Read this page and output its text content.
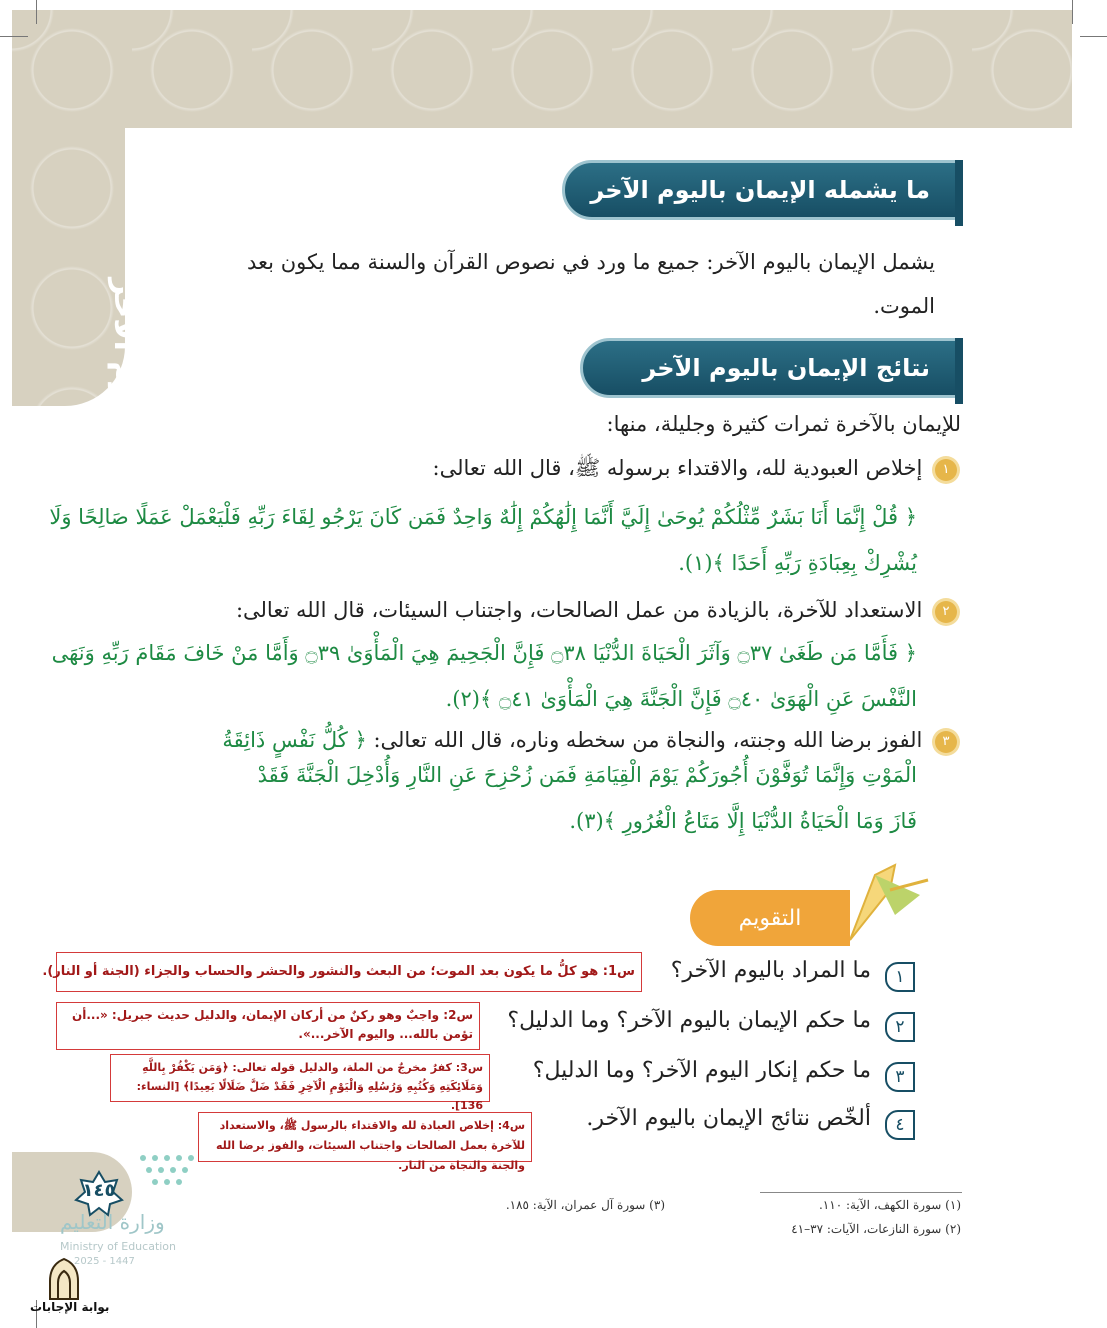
اليوم الآخر
ما يشمله الإيمان باليوم الآخر
يشمل الإيمان باليوم الآخر: جميع ما ورد في نصوص القرآن والسنة مما يكون بعد
الموت.
نتائج الإيمان باليوم الآخر
للإيمان بالآخرة ثمرات كثيرة وجليلة، منها:
١ إخلاص العبودية لله، والاقتداء برسوله ﷺ، قال الله تعالى:
﴿ قُلْ إِنَّمَا أَنَا بَشَرٌ مِّثْلُكُمْ يُوحَىٰ إِلَيَّ أَنَّمَا إِلَٰهُكُمْ إِلَٰهٌ وَاحِدٌ فَمَن كَانَ يَرْجُو لِقَاءَ رَبِّهِ فَلْيَعْمَلْ عَمَلًا صَالِحًا وَلَا
يُشْرِكْ بِعِبَادَةِ رَبِّهِ أَحَدًا ﴾(١).
٢ الاستعداد للآخرة، بالزيادة من عمل الصالحات، واجتناب السيئات، قال الله تعالى:
﴿ فَأَمَّا مَن طَغَىٰ ۝٣٧ وَآثَرَ الْحَيَاةَ الدُّنْيَا ۝٣٨ فَإِنَّ الْجَحِيمَ هِيَ الْمَأْوَىٰ ۝٣٩ وَأَمَّا مَنْ خَافَ مَقَامَ رَبِّهِ وَنَهَى
النَّفْسَ عَنِ الْهَوَىٰ ۝٤٠ فَإِنَّ الْجَنَّةَ هِيَ الْمَأْوَىٰ ۝٤١ ﴾(٢).
٣ الفوز برضا الله وجنته، والنجاة من سخطه وناره، قال الله تعالى: ﴿ كُلُّ نَفْسٍ ذَائِقَةُ
الْمَوْتِ وَإِنَّمَا تُوَفَّوْنَ أُجُورَكُمْ يَوْمَ الْقِيَامَةِ فَمَن زُحْزِحَ عَنِ النَّارِ وَأُدْخِلَ الْجَنَّةَ فَقَدْ
فَازَ وَمَا الْحَيَاةُ الدُّنْيَا إِلَّا مَتَاعُ الْغُرُورِ ﴾(٣).
التقويم
١
ما المراد باليوم الآخر؟
س1: هو كلُّ ما يكون بعد الموت؛ من البعث والنشور والحشر والحساب والجزاء (الجنة أو النار).
٢
ما حكم الإيمان باليوم الآخر؟ وما الدليل؟
س2: واجبٌ وهو ركنٌ من أركان الإيمان، والدليل حديث جبريل: «...أن تؤمن بالله... واليوم الآخر...».
٣
ما حكم إنكار اليوم الآخر؟ وما الدليل؟
س3: كفرٌ مخرجٌ من الملة، والدليل قوله تعالى: ﴿وَمَن يَكْفُرْ بِاللَّهِ وَمَلَائِكَتِهِ وَكُتُبِهِ وَرُسُلِهِ وَالْيَوْمِ الْآخِرِ فَقَدْ ضَلَّ ضَلَالًا بَعِيدًا﴾ [النساء: 136].
٤
ألخّص نتائج الإيمان باليوم الآخر.
س4: إخلاص العبادة لله والاقتداء بالرسول ﷺ، والاستعداد للآخرة بعمل الصالحات واجتناب السيئات، والفوز برضا الله والجنة والنجاة من النار.
(١) سورة الكهف، الآية: ١١٠.
(٢) سورة النازعات، الآيات: ٣٧–٤١
(٣) سورة آل عمران، الآية: ١٨٥.
١٤٥
وزارة التعليم
Ministry of Education
2025 - 1447
بوابة الإجابات
